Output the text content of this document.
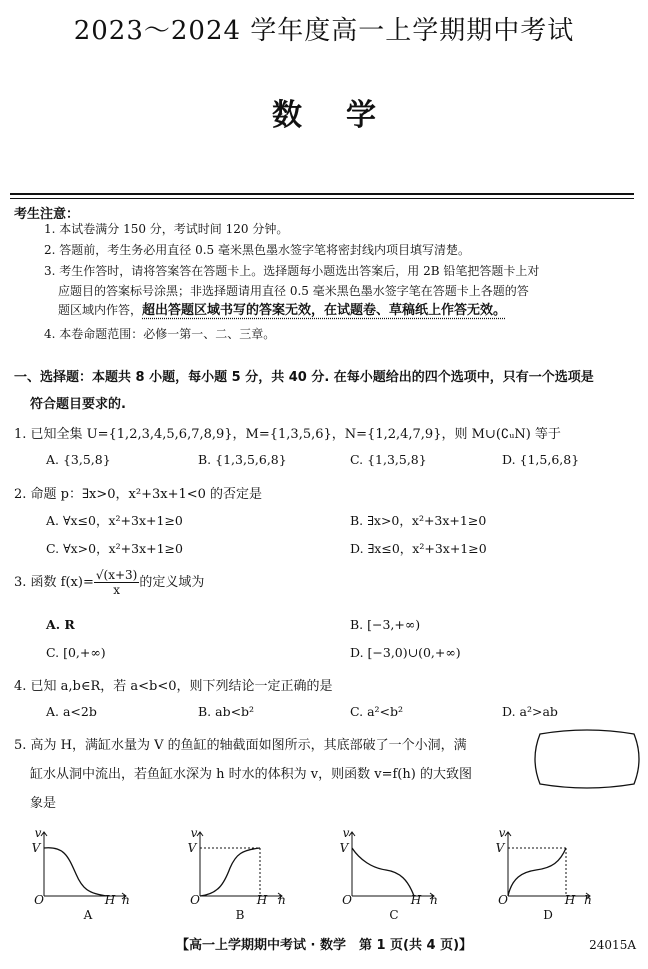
2023～2024 学年度高一上学期期中考试
数学
考生注意：
1. 本试卷满分 150 分，考试时间 120 分钟。
2. 答题前，考生务必用直径 0.5 毫米黑色墨水签字笔将密封线内项目填写清楚。
3. 考生作答时，请将答案答在答题卡上。选择题每小题选出答案后，用 2B 铅笔把答题卡上对
应题目的答案标号涂黑；非选择题请用直径 0.5 毫米黑色墨水签字笔在答题卡上各题的答
题区域内作答，超出答题区域书写的答案无效，在试题卷、草稿纸上作答无效。
4. 本卷命题范围：必修一第一、二、三章。
一、选择题：本题共 8 小题，每小题 5 分，共 40 分. 在每小题给出的四个选项中，只有一个选项是
符合题目要求的.
1. 已知全集 U={1,2,3,4,5,6,7,8,9}，M={1,3,5,6}，N={1,2,4,7,9}，则 M∪(∁ᵤN) 等于
A. {3,5,8}	B. {1,3,5,6,8}	C. {1,3,5,8}	D. {1,5,6,8}
2. 命题 p：∃x>0，x²+3x+1<0 的否定是
A. ∀x≤0，x²+3x+1≥0	B. ∃x>0，x²+3x+1≥0
C. ∀x>0，x²+3x+1≥0	D. ∃x≤0，x²+3x+1≥0
3. 函数 $f(x)= \frac{√(x+3)}{x}$ 的定义域为
A. R	B. [−3,+∞)
C. [0,+∞)	D. [−3,0)∪(0,+∞)
4. 已知 a,b∈R，若 a<b<0，则下列结论一定正确的是
A. a<2b	B. ab<b²	C. a²<b²	D. a²>ab
5. 高为 H，满缸水量为 V 的鱼缸的轴截面如图所示，其底部破了一个小洞，满
缸水从洞中流出，若鱼缸水深为 h 时水的体积为 v，则函数 v=f(h) 的大致图
象是
v
V
O	H h
A
v
V
O	H h
B
v
V
O	H h
C
v
V
O	H h
D
【高一上学期期中考试 · 数学　第 1 页(共 4 页)】	24015A
